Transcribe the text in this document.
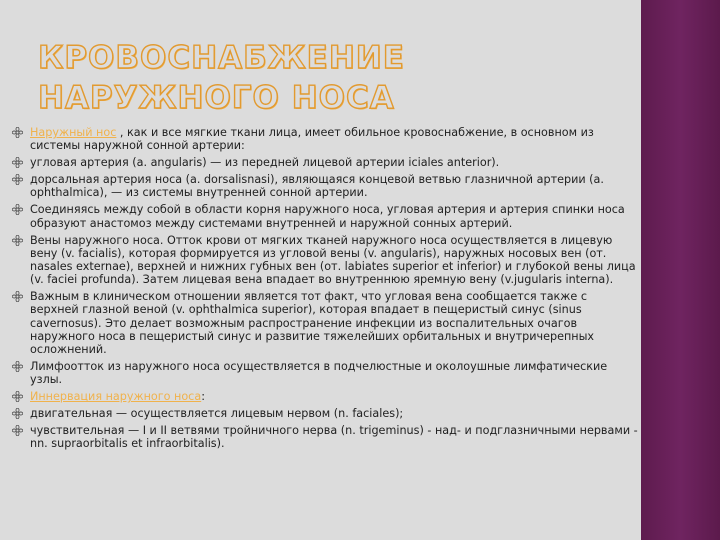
КРОВОСНАБЖЕНИЕ НАРУЖНОГО НОСА
Наружный нос , как и все мягкие ткани лица, имеет обильное кровоснабжение, в основном из системы наружной сонной артерии:
угловая артерия (a. angularis) — из передней лицевой артерии iciales anterior).
дорсальная артерия носа (a. dorsalisnasi), являющаяся концевой ветвью глазничной артерии (a. ophthalmica), — из системы внутренней сонной артерии.
Соединяясь между собой в области корня наружного носа, угловая артерия и артерия спинки носа образуют анастомоз между системами внутренней и наружной сонных артерий.
Вены наружного носа. Отток крови от мягких тканей наружного носа осуществляется в лицевую вену (v. facialis), которая формируется из угловой вены (v. angularis), наружных носовых вен (от. nasales externae), верхней и нижних губных вен (от. labiates superior et inferior) и глубокой вены лица (v. faciei profunda). Затем лицевая вена впадает во внутреннюю яремную вену (v.jugularis interna).
Важным в клиническом отношении является тот факт, что угловая вена сообщается также с верхней глазной веной (v. ophthalmica superior), которая впадает в пещеристый синус (sinus cavernosus). Это делает возможным распространение инфекции из воспалительных очагов наружного носа в пещеристый синус и развитие тяжелейших орбитальных и внутричерепных осложнений.
Лимфоотток из наружного носа осуществляется в подчелюстные и околоушные лимфатические узлы.
Иннервация наружного носа:
двигательная — осуществляется лицевым нервом (n. faciales);
чувствительная — I и II ветвями тройничного нерва (n. trigeminus) - над- и подглазничными нервами - nn. supraorbitalis et infraorbitalis).
